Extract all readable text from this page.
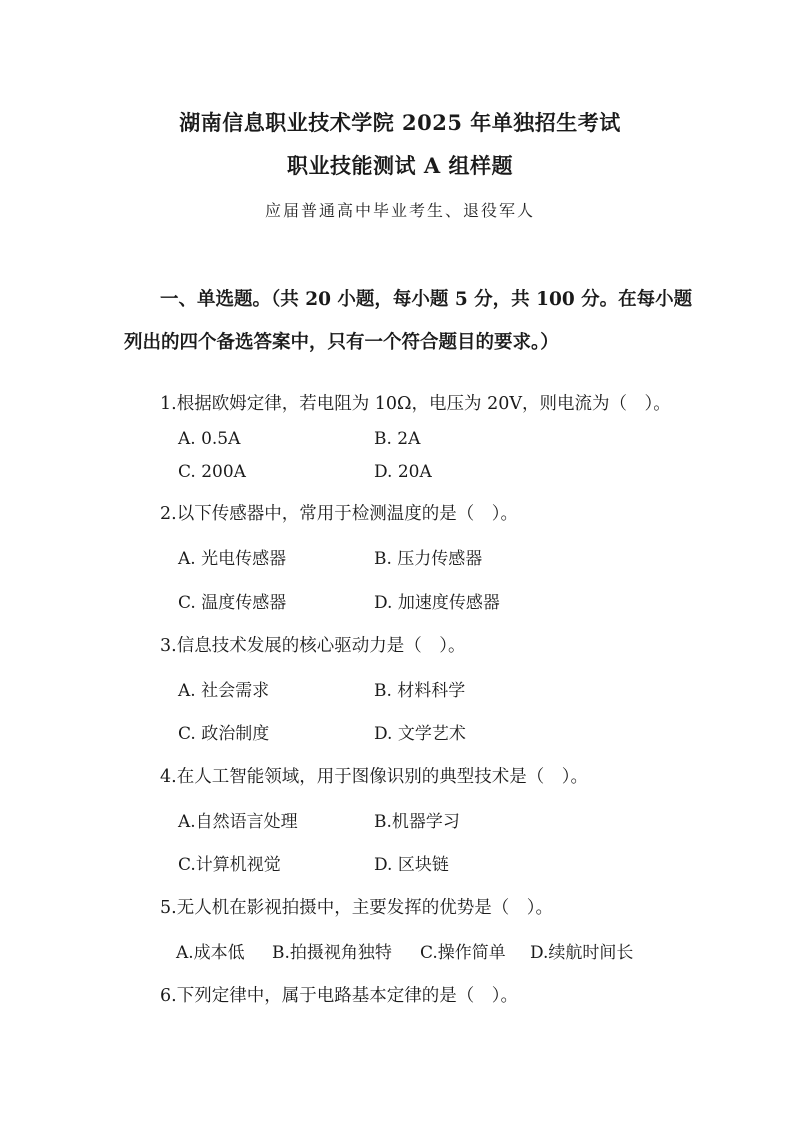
湖南信息职业技术学院 2025 年单独招生考试
职业技能测试 A 组样题
应届普通高中毕业考生、退役军人
一、单选题。（共 20 小题，每小题 5 分，共 100 分。在每小题
列出的四个备选答案中，只有一个符合题目的要求。）
1.根据欧姆定律，若电阻为 10Ω，电压为 20V，则电流为（　）。
A. 0.5A	B. 2A
C. 200A	D. 20A
2.以下传感器中，常用于检测温度的是（　）。
A. 光电传感器	B. 压力传感器
C. 温度传感器	D. 加速度传感器
3.信息技术发展的核心驱动力是（　）。
A. 社会需求	B. 材料科学
C. 政治制度	D. 文学艺术
4.在人工智能领域，用于图像识别的典型技术是（　）。
A.自然语言处理	B.机器学习
C.计算机视觉	D. 区块链
5.无人机在影视拍摄中，主要发挥的优势是（　）。
A.成本低 B.拍摄视角独特 C.操作简单 D.续航时间长
6.下列定律中，属于电路基本定律的是（　）。
